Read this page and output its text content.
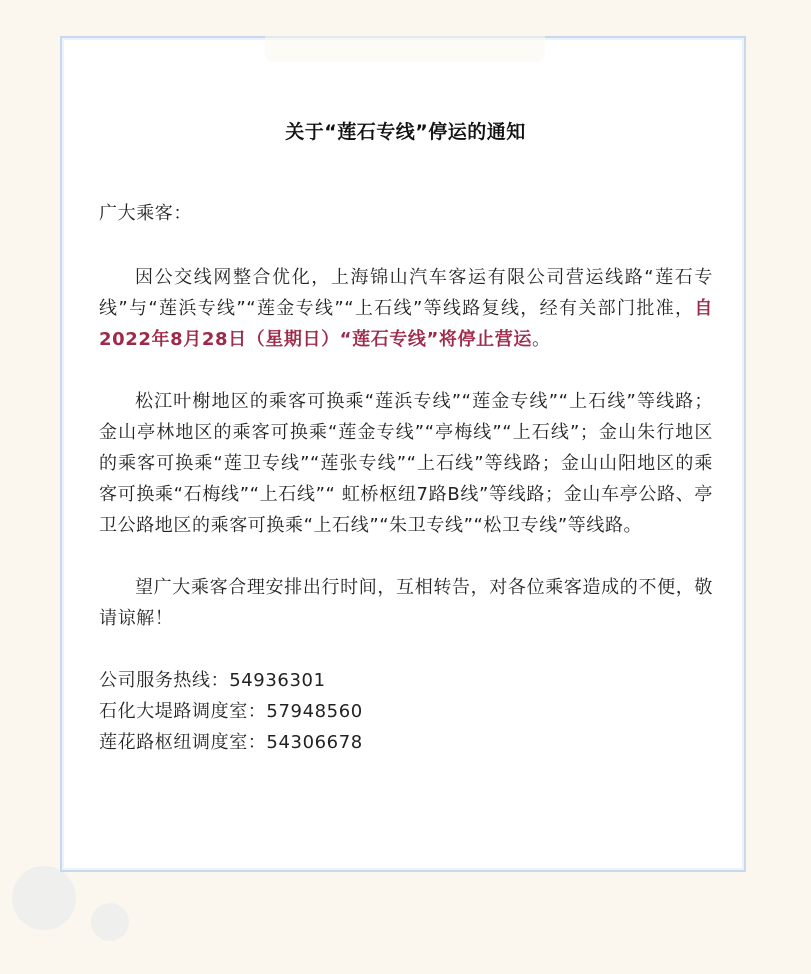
关于“莲石专线”停运的通知

广大乘客：

因公交线网整合优化，上海锦山汽车客运有限公司营运线路“莲石专线”与“莲浜专线”“莲金专线”“上石线”等线路复线，经有关部门批准，自2022年8月28日（星期日）“莲石专线”将停止营运。

松江叶榭地区的乘客可换乘“莲浜专线”“莲金专线”“上石线”等线路；金山亭林地区的乘客可换乘“莲金专线”“亭梅线”“上石线”；金山朱行地区的乘客可换乘“莲卫专线”“莲张专线”“上石线”等线路；金山山阳地区的乘客可换乘“石梅线”“上石线”“ 虹桥枢纽7路B线”等线路；金山车亭公路、亭卫公路地区的乘客可换乘“上石线”“朱卫专线”“松卫专线”等线路。

望广大乘客合理安排出行时间，互相转告，对各位乘客造成的不便，敬请谅解！

公司服务热线：54936301
石化大堤路调度室：57948560
莲花路枢纽调度室：54306678
